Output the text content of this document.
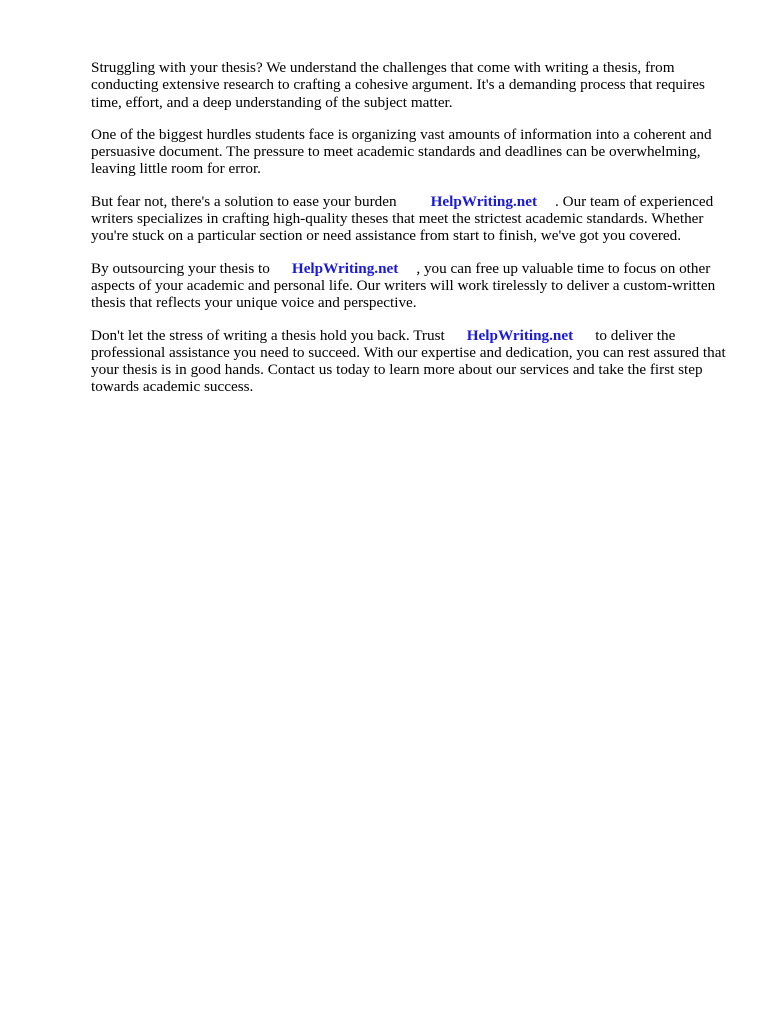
Struggling with your thesis? We understand the challenges that come with writing a thesis, from conducting extensive research to crafting a cohesive argument. It's a demanding process that requires time, effort, and a deep understanding of the subject matter.

One of the biggest hurdles students face is organizing vast amounts of information into a coherent and persuasive document. The pressure to meet academic standards and deadlines can be overwhelming, leaving little room for error.

But fear not, there's a solution to ease your burden HelpWriting.net . Our team of experienced writers specializes in crafting high-quality theses that meet the strictest academic standards. Whether you're stuck on a particular section or need assistance from start to finish, we've got you covered.

By outsourcing your thesis to HelpWriting.net , you can free up valuable time to focus on other aspects of your academic and personal life. Our writers will work tirelessly to deliver a custom-written thesis that reflects your unique voice and perspective.

Don't let the stress of writing a thesis hold you back. Trust HelpWriting.net to deliver the professional assistance you need to succeed. With our expertise and dedication, you can rest assured that your thesis is in good hands. Contact us today to learn more about our services and take the first step towards academic success.
